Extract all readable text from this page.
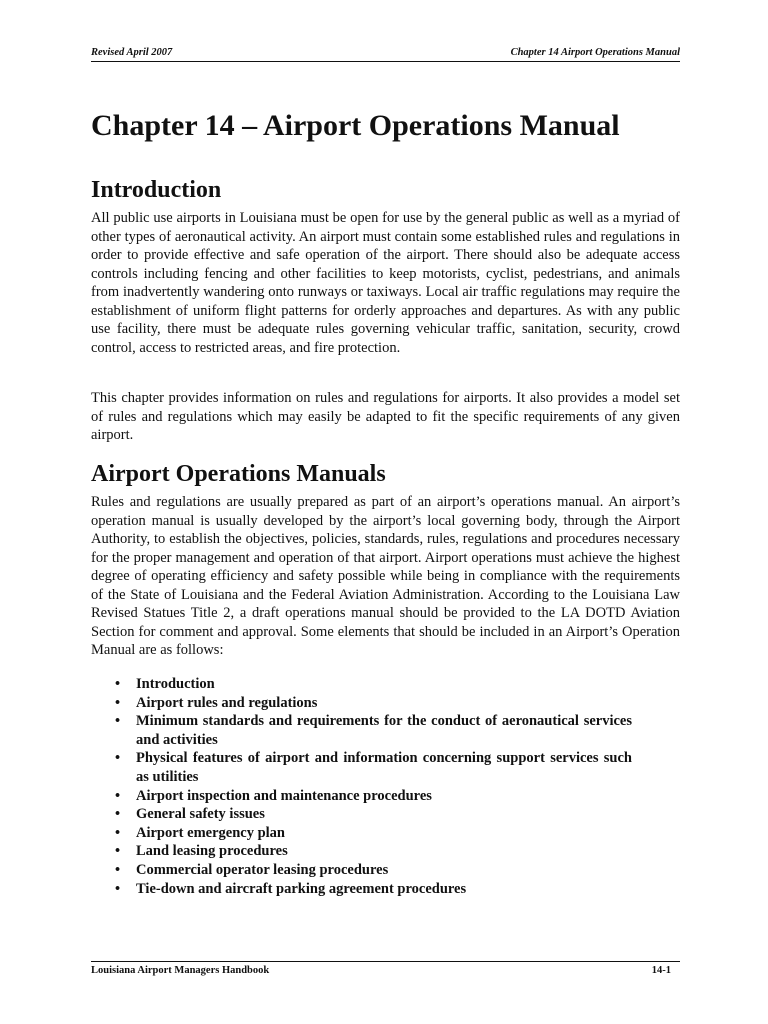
Revised April 2007	Chapter 14 Airport Operations Manual
Chapter 14 – Airport Operations Manual
Introduction

All public use airports in Louisiana must be open for use by the general public as well as a myriad of other types of aeronautical activity. An airport must contain some established rules and regulations in order to provide effective and safe operation of the airport. There should also be adequate access controls including fencing and other facilities to keep motorists, cyclist, pedestrians, and animals from inadvertently wandering onto runways or taxiways. Local air traffic regulations may require the establishment of uniform flight patterns for orderly approaches and departures. As with any public use facility, there must be adequate rules governing vehicular traffic, sanitation, security, crowd control, access to restricted areas, and fire protection.

This chapter provides information on rules and regulations for airports. It also provides a model set of rules and regulations which may easily be adapted to fit the specific requirements of any given airport.

Airport Operations Manuals

Rules and regulations are usually prepared as part of an airport’s operations manual. An airport’s operation manual is usually developed by the airport’s local governing body, through the Airport Authority, to establish the objectives, policies, standards, rules, regulations and procedures necessary for the proper management and operation of that airport. Airport operations must achieve the highest degree of operating efficiency and safety possible while being in compliance with the requirements of the State of Louisiana and the Federal Aviation Administration. According to the Louisiana Law Revised Statues Title 2, a draft operations manual should be provided to the LA DOTD Aviation Section for comment and approval. Some elements that should be included in an Airport’s Operation Manual are as follows:

• Introduction
• Airport rules and regulations
• Minimum standards and requirements for the conduct of aeronautical services and activities
• Physical features of airport and information concerning support services such as utilities
• Airport inspection and maintenance procedures
• General safety issues
• Airport emergency plan
• Land leasing procedures
• Commercial operator leasing procedures
• Tie-down and aircraft parking agreement procedures
Louisiana Airport Managers Handbook	14-1
